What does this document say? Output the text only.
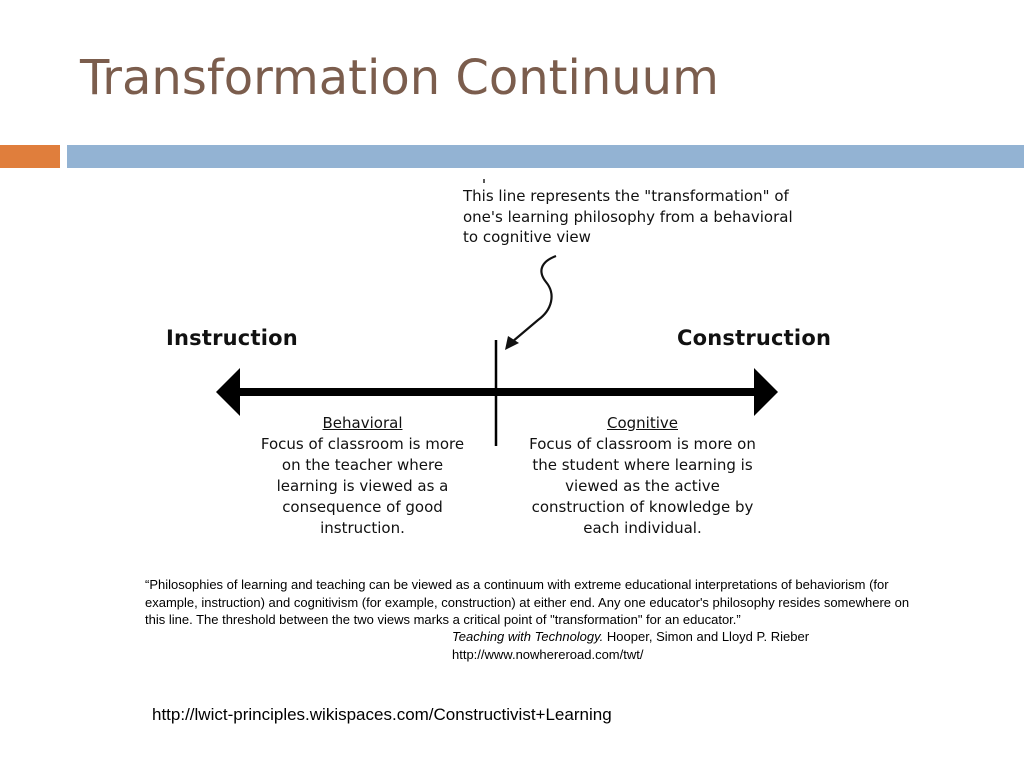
Transformation Continuum

This line represents the "transformation" of one's learning philosophy from a behavioral to cognitive view

Instruction	Construction
Behavioral
Focus of classroom is more on the teacher where learning is viewed as a consequence of good instruction.
Cognitive
Focus of classroom is more on the student where learning is viewed as the active construction of knowledge by each individual.

“Philosophies of learning and teaching can be viewed as a continuum with extreme educational interpretations of behaviorism (for example, instruction) and cognitivism (for example, construction) at either end. Any one educator's philosophy resides somewhere on this line. The threshold between the two views marks a critical point of "transformation" for an educator.”

Teaching with Technology. Hooper, Simon and Lloyd P. Rieber
http://www.nowhereroad.com/twt/
http://lwict-principles.wikispaces.com/Constructivist+Learning
